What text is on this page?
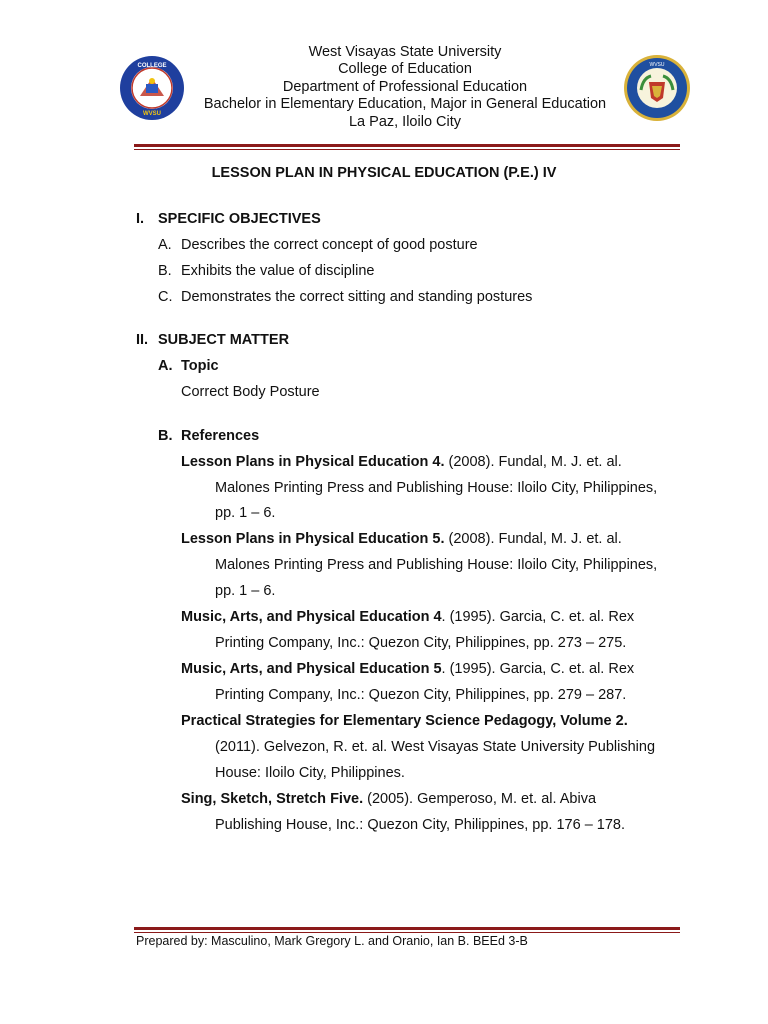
COLLEGE
WVSU
West Visayas State University
College of Education
Department of Professional Education
Bachelor in Elementary Education, Major in General Education
La Paz, Iloilo City
WVSU
LESSON PLAN IN PHYSICAL EDUCATION (P.E.) IV
I. SPECIFIC OBJECTIVES
A. Describes the correct concept of good posture
B. Exhibits the value of discipline
C. Demonstrates the correct sitting and standing postures
II. SUBJECT MATTER
A. Topic
Correct Body Posture
B. References
Lesson Plans in Physical Education 4. (2008). Fundal, M. J. et. al.
Malones Printing Press and Publishing House: Iloilo City, Philippines,
pp. 1 – 6.
Lesson Plans in Physical Education 5. (2008). Fundal, M. J. et. al.
Malones Printing Press and Publishing House: Iloilo City, Philippines,
pp. 1 – 6.
Music, Arts, and Physical Education 4. (1995). Garcia, C. et. al. Rex
Printing Company, Inc.: Quezon City, Philippines, pp. 273 – 275.
Music, Arts, and Physical Education 5. (1995). Garcia, C. et. al. Rex
Printing Company, Inc.: Quezon City, Philippines, pp. 279 – 287.
Practical Strategies for Elementary Science Pedagogy, Volume 2.
(2011). Gelvezon, R. et. al. West Visayas State University Publishing
House: Iloilo City, Philippines.
Sing, Sketch, Stretch Five. (2005). Gemperoso, M. et. al. Abiva
Publishing House, Inc.: Quezon City, Philippines, pp. 176 – 178.
Prepared by: Masculino, Mark Gregory L. and Oranio, Ian B. BEEd 3-B
